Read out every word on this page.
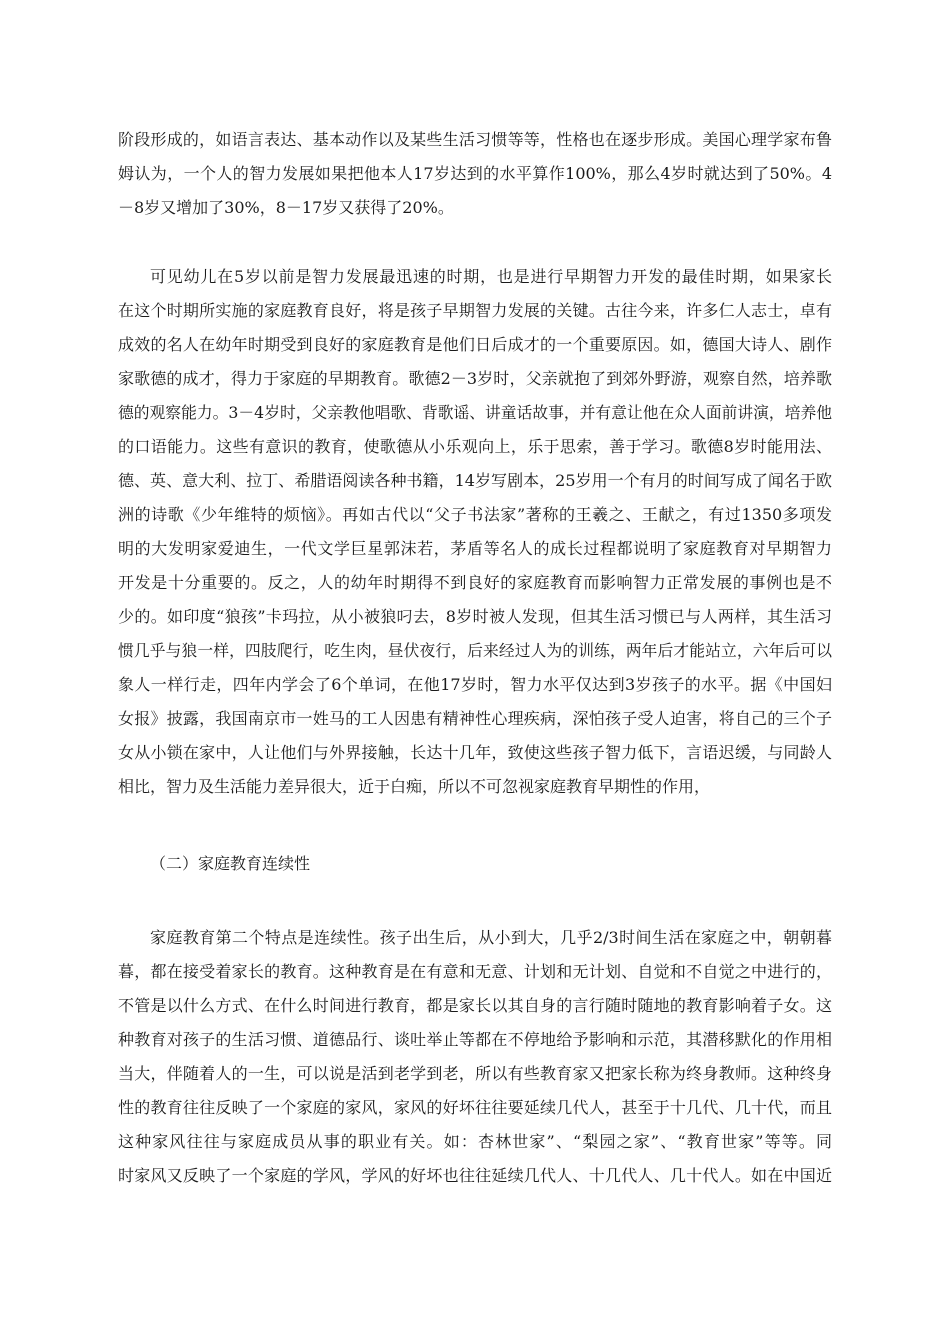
阶段形成的，如语言表达、基本动作以及某些生活习惯等等，性格也在逐步形成。美国心理学家布鲁
姆认为，一个人的智力发展如果把他本人17岁达到的水平算作100%，那么4岁时就达到了50%。4
－8岁又增加了30%，8－17岁又获得了20%。
可见幼儿在5岁以前是智力发展最迅速的时期，也是进行早期智力开发的最佳时期，如果家长
在这个时期所实施的家庭教育良好，将是孩子早期智力发展的关键。古往今来，许多仁人志士，卓有
成效的名人在幼年时期受到良好的家庭教育是他们日后成才的一个重要原因。如，德国大诗人、剧作
家歌德的成才，得力于家庭的早期教育。歌德2－3岁时，父亲就抱了到郊外野游，观察自然，培养歌
德的观察能力。3－4岁时，父亲教他唱歌、背歌谣、讲童话故事，并有意让他在众人面前讲演，培养他
的口语能力。这些有意识的教育，使歌德从小乐观向上，乐于思索，善于学习。歌德8岁时能用法、
德、英、意大利、拉丁、希腊语阅读各种书籍，14岁写剧本，25岁用一个有月的时间写成了闻名于欧
洲的诗歌《少年维特的烦恼》。再如古代以“父子书法家”著称的王羲之、王献之，有过1350多项发
明的大发明家爱迪生，一代文学巨星郭沫若，茅盾等名人的成长过程都说明了家庭教育对早期智力
开发是十分重要的。反之，人的幼年时期得不到良好的家庭教育而影响智力正常发展的事例也是不
少的。如印度“狼孩”卡玛拉，从小被狼叼去，8岁时被人发现，但其生活习惯已与人两样，其生活习
惯几乎与狼一样，四肢爬行，吃生肉，昼伏夜行，后来经过人为的训练，两年后才能站立，六年后可以
象人一样行走，四年内学会了6个单词，在他17岁时，智力水平仅达到3岁孩子的水平。据《中国妇
女报》披露，我国南京市一姓马的工人因患有精神性心理疾病，深怕孩子受人迫害，将自己的三个子
女从小锁在家中，人让他们与外界接触，长达十几年，致使这些孩子智力低下，言语迟缓，与同龄人
相比，智力及生活能力差异很大，近于白痴，所以不可忽视家庭教育早期性的作用，
（二）家庭教育连续性
家庭教育第二个特点是连续性。孩子出生后，从小到大，几乎2/3时间生活在家庭之中，朝朝暮
暮，都在接受着家长的教育。这种教育是在有意和无意、计划和无计划、自觉和不自觉之中进行的，
不管是以什么方式、在什么时间进行教育，都是家长以其自身的言行随时随地的教育影响着子女。这
种教育对孩子的生活习惯、道德品行、谈吐举止等都在不停地给予影响和示范，其潜移默化的作用相
当大，伴随着人的一生，可以说是活到老学到老，所以有些教育家又把家长称为终身教师。这种终身
性的教育往往反映了一个家庭的家风，家风的好坏往往要延续几代人，甚至于十几代、几十代，而且
这种家风往往与家庭成员从事的职业有关。如：杏林世家”、“梨园之家”、“教育世家”等等。同
时家风又反映了一个家庭的学风，学风的好坏也往往延续几代人、十几代人、几十代人。如在中国近
